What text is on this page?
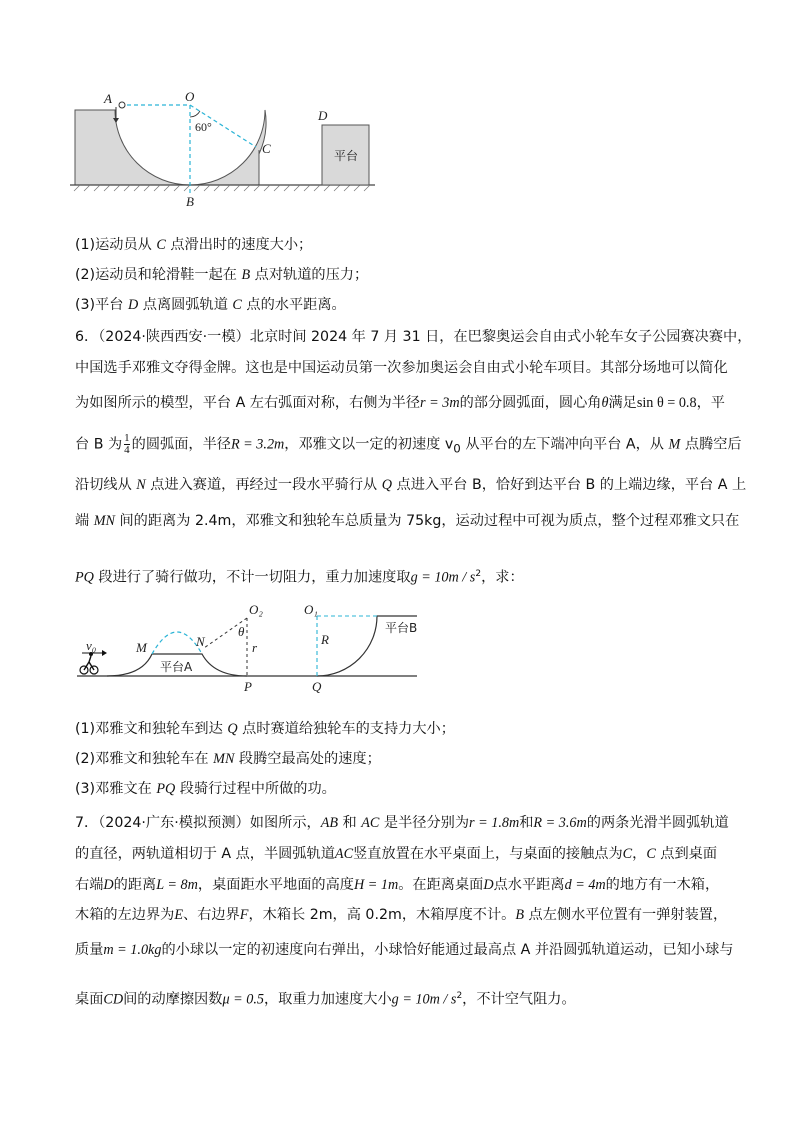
A	O
60°
C
B
D
平台
(1)运动员从 C 点滑出时的速度大小；
(2)运动员和轮滑鞋一起在 B 点对轨道的压力；
(3)平台 D 点离圆弧轨道 C 点的水平距离。
6．（2024·陕西西安·一模）北京时间 2024 年 7 月 31 日，在巴黎奥运会自由式小轮车女子公园赛决赛中，
中国选手邓雅文夺得金牌。这也是中国运动员第一次参加奥运会自由式小轮车项目。其部分场地可以简化
为如图所示的模型，平台 A 左右弧面对称，右侧为半径r = 3m的部分圆弧面，圆心角θ满足sin θ = 0.8，平
台 B 为 $\frac{1}{4}$ 的圆弧面，半径R = 3.2m，邓雅文以一定的初速度 $v_0$ 从平台的左下端冲向平台 A，从 M 点腾空后
沿切线从 N 点进入赛道，再经过一段水平骑行从 Q 点进入平台 B，恰好到达平台 B 的上端边缘，平台 A 上
端 MN 间的距离为 2.4m，邓雅文和独轮车总质量为 75kg，运动过程中可视为质点，整个过程邓雅文只在
PQ 段进行了骑行做功，不计一切阻力，重力加速度取$g = 10m / s^2$，求：
v₀	M	N
O₂
θ
r
平台A
P
O₁
R
Q
平台B
(1)邓雅文和独轮车到达 Q 点时赛道给独轮车的支持力大小；
(2)邓雅文和独轮车在 MN 段腾空最高处的速度；
(3)邓雅文在 PQ 段骑行过程中所做的功。
7．（2024·广东·模拟预测）如图所示，AB 和 AC 是半径分别为r = 1.8m和R = 3.6m的两条光滑半圆弧轨道
的直径，两轨道相切于 A 点，半圆弧轨道AC竖直放置在水平桌面上，与桌面的接触点为C，C 点到桌面
右端D的距离L = 8m，桌面距水平地面的高度H = 1m。在距离桌面D点水平距离d = 4m的地方有一木箱，
木箱的左边界为E、右边界F，木箱长 2m，高 0.2m，木箱厚度不计。B 点左侧水平位置有一弹射装置，
质量m = 1.0kg的小球以一定的初速度向右弹出，小球恰好能通过最高点 A 并沿圆弧轨道运动，已知小球与
桌面CD间的动摩擦因数μ = 0.5，取重力加速度大小$g = 10m / s^2$，不计空气阻力。
